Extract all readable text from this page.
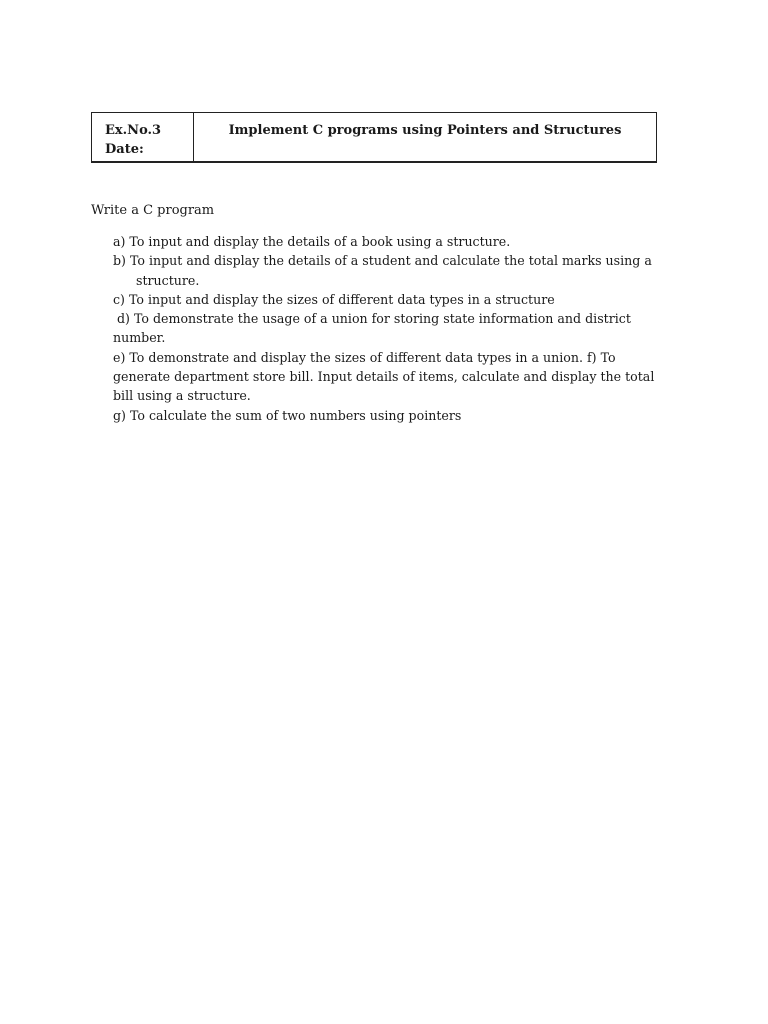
Ex.No.3
Date:
Implement C programs using Pointers and Structures

Write a C program

a) To input and display the details of a book using a structure.
b) To input and display the details of a student and calculate the total marks using a structure.
c) To input and display the sizes of different data types in a structure
d) To demonstrate the usage of a union for storing state information and district number.
e) To demonstrate and display the sizes of different data types in a union. f) To generate department store bill. Input details of items, calculate and display the total bill using a structure.
g) To calculate the sum of two numbers using pointers
